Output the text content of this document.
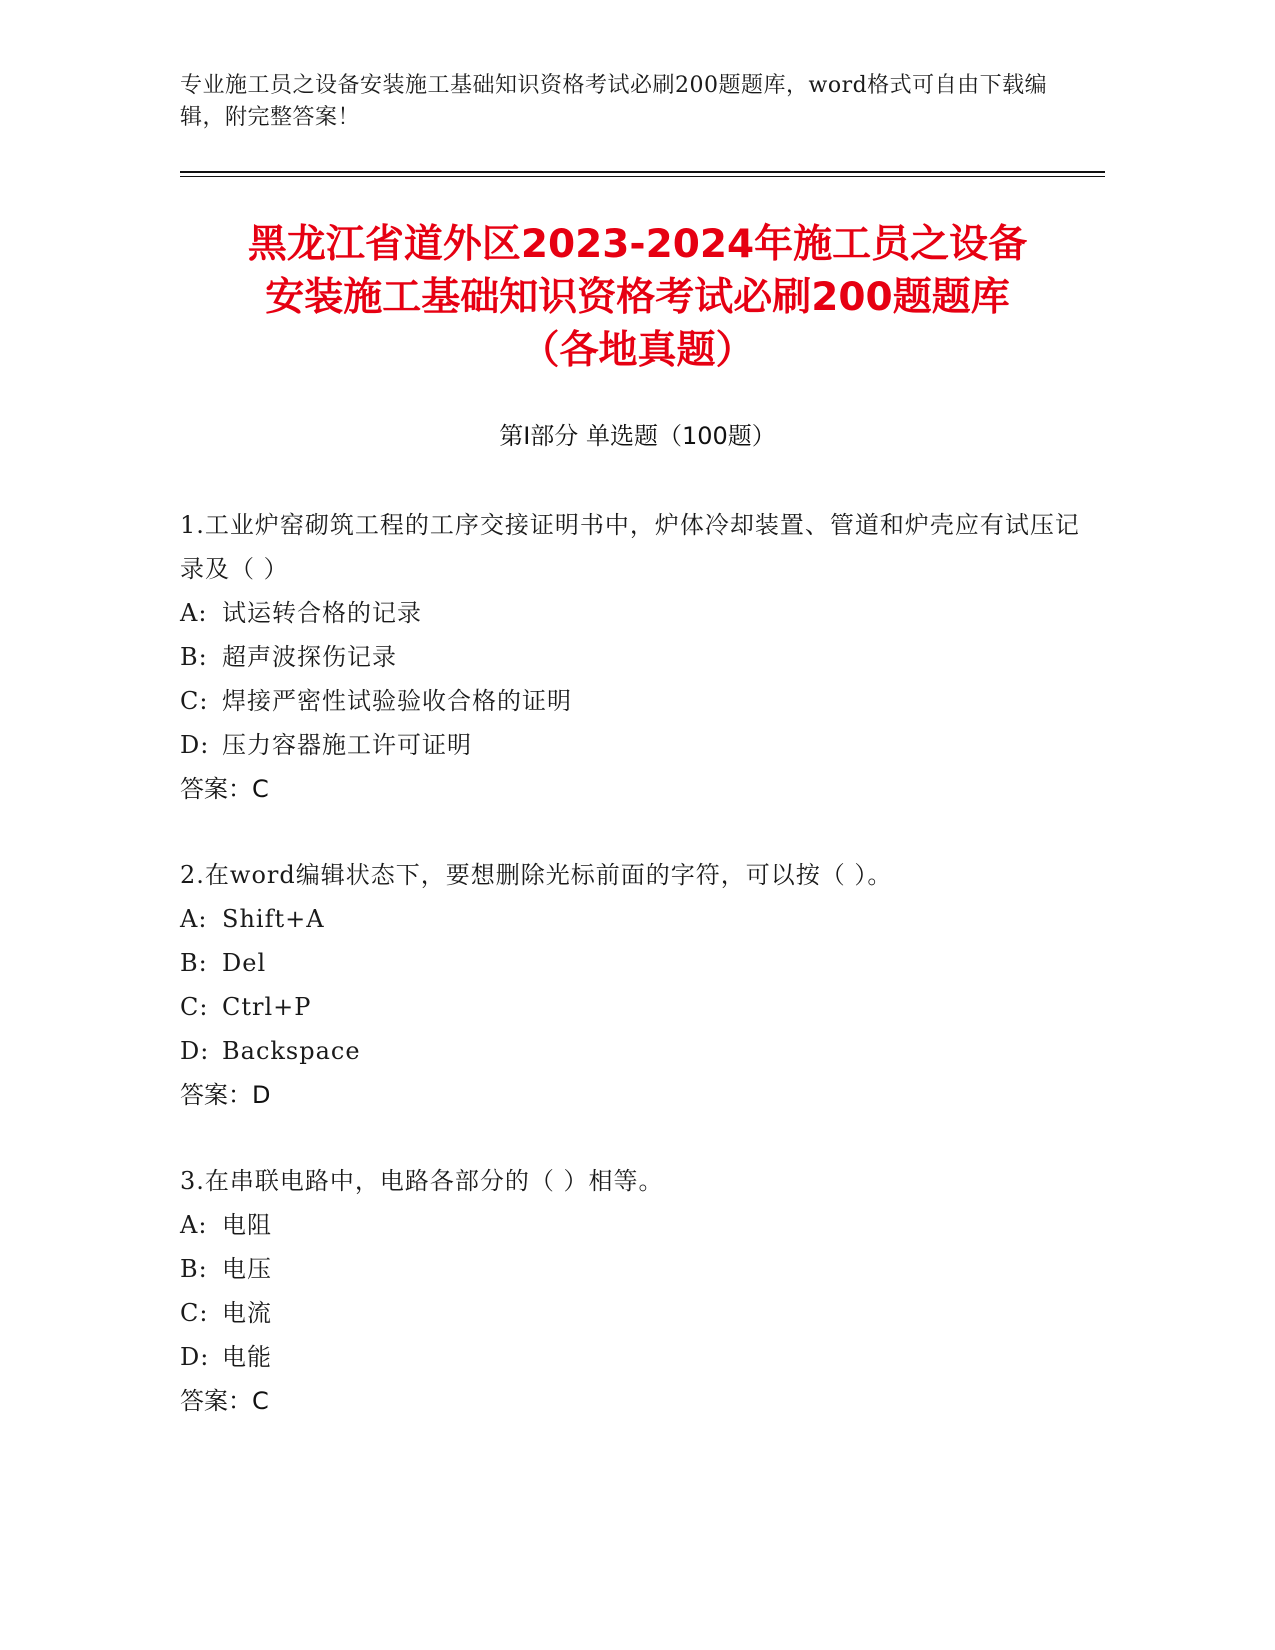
专业施工员之设备安装施工基础知识资格考试必刷200题题库，word格式可自由下载编辑，附完整答案！
黑龙江省道外区2023-2024年施工员之设备
安装施工基础知识资格考试必刷200题题库
（各地真题）
第Ⅰ部分 单选题（100题）
1.工业炉窑砌筑工程的工序交接证明书中，炉体冷却装置、管道和炉壳应有试压记录及（ ）
A: 试运转合格的记录
B: 超声波探伤记录
C: 焊接严密性试验验收合格的证明
D: 压力容器施工许可证明
答案：C
2.在word编辑状态下，要想删除光标前面的字符，可以按（ ）。
A: Shift+A
B: Del
C: Ctrl+P
D: Backspace
答案：D
3.在串联电路中，电路各部分的（ ）相等。
A: 电阻
B: 电压
C: 电流
D: 电能
答案：C
